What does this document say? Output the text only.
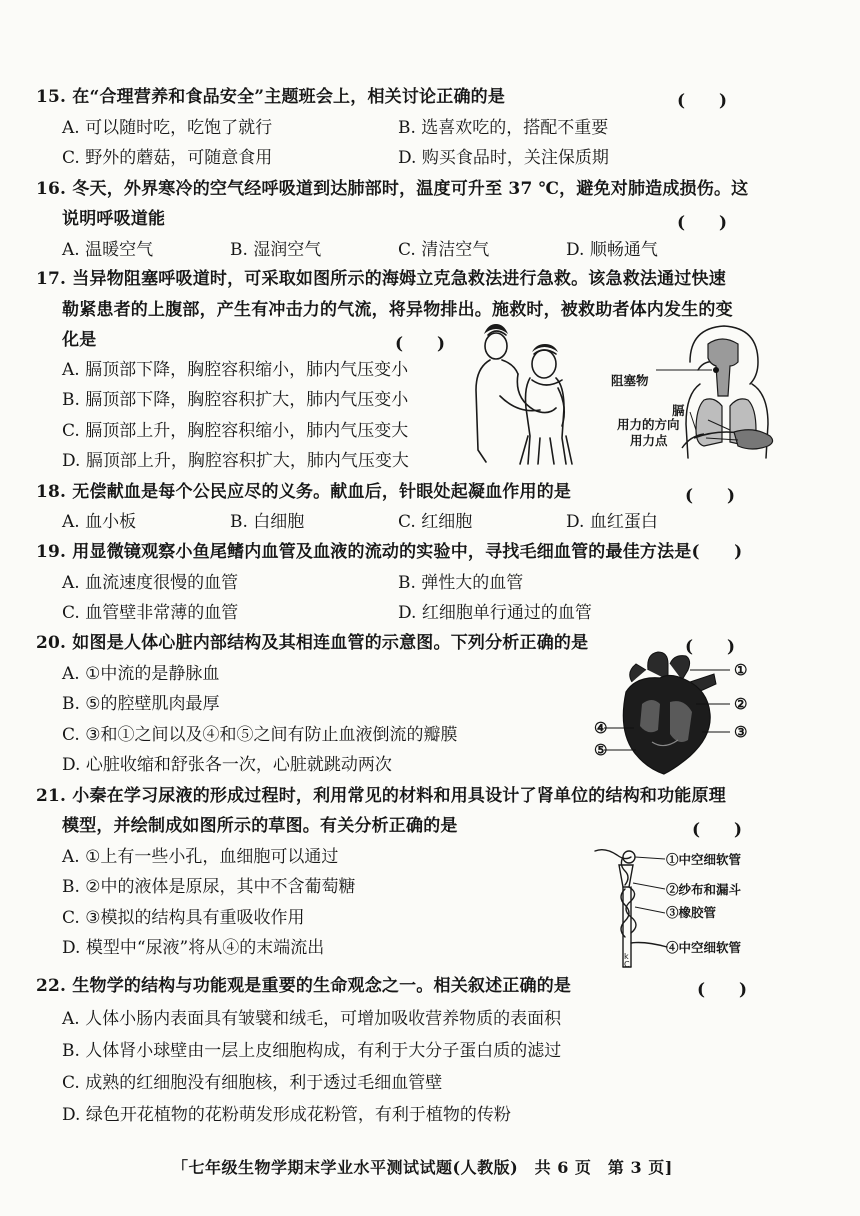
15. 在“合理营养和食品安全”主题班会上，相关讨论正确的是	(　　)
A. 可以随时吃，吃饱了就行	B. 选喜欢吃的，搭配不重要
C. 野外的蘑菇，可随意食用	D. 购买食品时，关注保质期
16. 冬天，外界寒冷的空气经呼吸道到达肺部时，温度可升至 37 ℃，避免对肺造成损伤。这
说明呼吸道能	(　　)
A. 温暖空气	B. 湿润空气	C. 清洁空气	D. 顺畅通气
17. 当异物阻塞呼吸道时，可采取如图所示的海姆立克急救法进行急救。该急救法通过快速
勒紧患者的上腹部，产生有冲击力的气流，将异物排出。施救时，被救助者体内发生的变
化是	(　　)
A. 膈顶部下降，胸腔容积缩小，肺内气压变小
B. 膈顶部下降，胸腔容积扩大，肺内气压变小
C. 膈顶部上升，胸腔容积缩小，肺内气压变大
D. 膈顶部上升，胸腔容积扩大，肺内气压变大
阻塞物
膈
用力的方向
用力点
18. 无偿献血是每个公民应尽的义务。献血后，针眼处起凝血作用的是	(　　)
A. 血小板	B. 白细胞	C. 红细胞	D. 血红蛋白
19. 用显微镜观察小鱼尾鳍内血管及血液的流动的实验中，寻找毛细血管的最佳方法是(　　)
A. 血流速度很慢的血管	B. 弹性大的血管
C. 血管壁非常薄的血管	D. 红细胞单行通过的血管
20. 如图是人体心脏内部结构及其相连血管的示意图。下列分析正确的是	(　　)
A. ①中流的是静脉血
B. ⑤的腔壁肌肉最厚
C. ③和①之间以及④和⑤之间有防止血液倒流的瓣膜
D. 心脏收缩和舒张各一次，心脏就跳动两次
①
②
③
④
⑤
21. 小秦在学习尿液的形成过程时，利用常见的材料和用具设计了肾单位的结构和功能原理
模型，并绘制成如图所示的草图。有关分析正确的是	(　　)
A. ①上有一些小孔，血细胞可以通过
B. ②中的液体是原尿，其中不含葡萄糖
C. ③模拟的结构具有重吸收作用
D. 模型中“尿液”将从④的末端流出	k
C
①中空细软管
②纱布和漏斗
③橡胶管
④中空细软管
22. 生物学的结构与功能观是重要的生命观念之一。相关叙述正确的是	(　　)
A. 人体小肠内表面具有皱襞和绒毛，可增加吸收营养物质的表面积
B. 人体肾小球壁由一层上皮细胞构成，有利于大分子蛋白质的滤过
C. 成熟的红细胞没有细胞核，利于透过毛细血管壁
D. 绿色开花植物的花粉萌发形成花粉管，有利于植物的传粉
「七年级生物学期末学业水平测试试题(人教版)　共 6 页　第 3 页]
